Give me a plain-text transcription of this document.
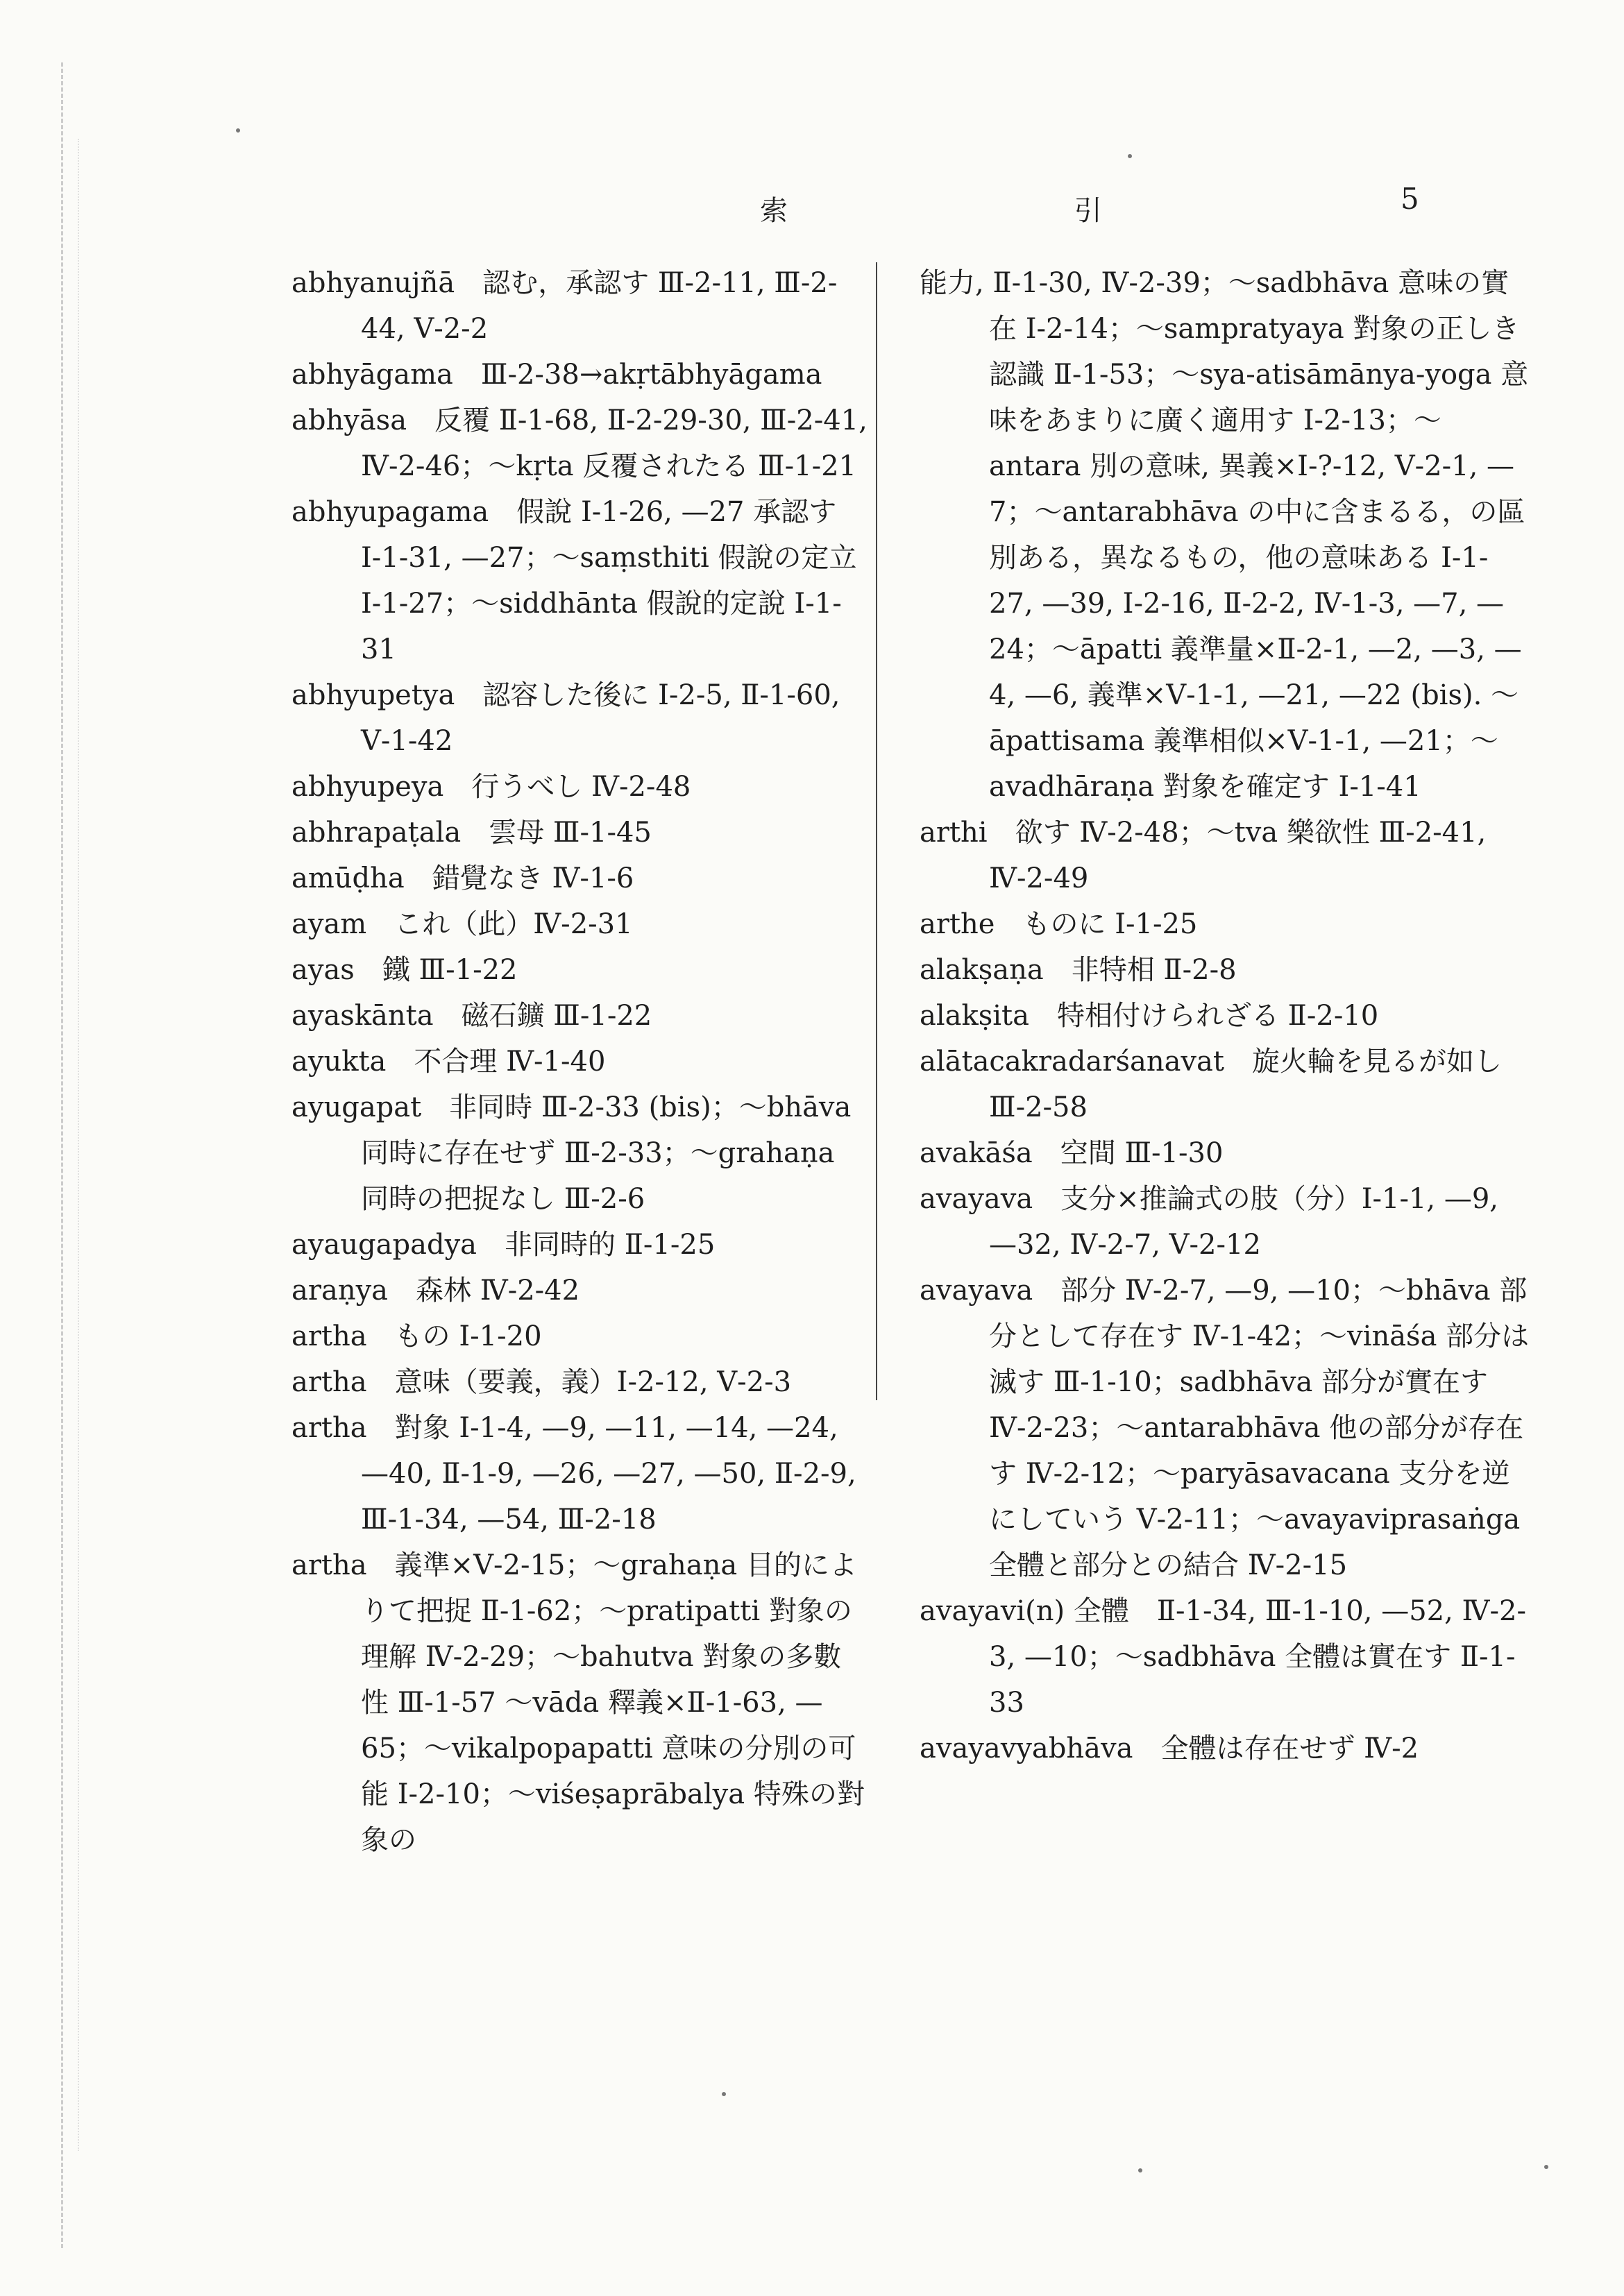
索 引	5

abhyanujñā　認む，承認す Ⅲ-2-11, Ⅲ-2-44, Ⅴ-2-2

abhyāgama　Ⅲ-2-38→akṛtābhyāgama

abhyāsa　反覆 Ⅱ-1-68, Ⅱ-2-29-30, Ⅲ-2-41, Ⅳ-2-46；～kṛta 反覆されたる Ⅲ-1-21

abhyupagama　假說 Ⅰ-1-26, —27 承認す Ⅰ-1-31, —27；～saṃsthiti 假說の定立 Ⅰ-1-27；～siddhānta 假說的定說 Ⅰ-1-31

abhyupetya　認容した後に Ⅰ-2-5, Ⅱ-1-60, Ⅴ-1-42

abhyupeya　行うべし Ⅳ-2-48

abhrapaṭala　雲母 Ⅲ-1-45

amūḍha　錯覺なき Ⅳ-1-6

ayam　これ（此）Ⅳ-2-31

ayas　鐵 Ⅲ-1-22

ayaskānta　磁石鑛 Ⅲ-1-22

ayukta　不合理 Ⅳ-1-40

ayugapat　非同時 Ⅲ-2-33 (bis)；～bhāva 同時に存在せず Ⅲ-2-33；～grahaṇa 同時の把捉なし Ⅲ-2-6

ayaugapadya　非同時的 Ⅱ-1-25

araṇya　森林 Ⅳ-2-42

artha　もの Ⅰ-1-20

artha　意味（要義，義）Ⅰ-2-12, Ⅴ-2-3

artha　對象 Ⅰ-1-4, —9, —11, —14, —24, —40, Ⅱ-1-9, —26, —27, —50, Ⅱ-2-9, Ⅲ-1-34, —54, Ⅲ-2-18

artha　義準×Ⅴ-2-15；～grahaṇa 目的によりて把捉 Ⅱ-1-62；～pratipatti 對象の理解 Ⅳ-2-29；～bahutva 對象の多數性 Ⅲ-1-57 ～vāda 釋義×Ⅱ-1-63, —65；～vikalpopapatti 意味の分別の可能 Ⅰ-2-10；～viśeṣaprābalya 特殊の對象の

能力, Ⅱ-1-30, Ⅳ-2-39；～sadbhāva 意味の實在 Ⅰ-2-14；～sampratyaya 對象の正しき認識 Ⅱ-1-53；～sya-atisāmānya-yoga 意味をあまりに廣く適用す Ⅰ-2-13；～antara 別の意味, 異義×Ⅰ-?-12, Ⅴ-2-1, —7；～antarabhāva の中に含まるる，の區別ある，異なるもの，他の意味ある Ⅰ-1-27, —39, Ⅰ-2-16, Ⅱ-2-2, Ⅳ-1-3, —7, —24；～āpatti 義準量×Ⅱ-2-1, —2, —3, —4, —6, 義準×Ⅴ-1-1, —21, —22 (bis). ～āpattisama 義準相似×Ⅴ-1-1, —21；～avadhāraṇa 對象を確定す Ⅰ-1-41

arthi　欲す Ⅳ-2-48；～tva 樂欲性 Ⅲ-2-41, Ⅳ-2-49

arthe　ものに Ⅰ-1-25

alakṣaṇa　非特相 Ⅱ-2-8

alakṣita　特相付けられざる Ⅱ-2-10

alātacakradarśanavat　旋火輪を見るが如し Ⅲ-2-58

avakāśa　空間 Ⅲ-1-30

avayava　支分×推論式の肢（分）Ⅰ-1-1, —9, —32, Ⅳ-2-7, Ⅴ-2-12

avayava　部分 Ⅳ-2-7, —9, —10；～bhāva 部分として存在す Ⅳ-1-42；～vināśa 部分は滅す Ⅲ-1-10；sadbhāva 部分が實在す Ⅳ-2-23；～antarabhāva 他の部分が存在す Ⅳ-2-12；～paryāsavacana 支分を逆にしていう Ⅴ-2-11；～avayaviprasaṅga 全體と部分との結合 Ⅳ-2-15

avayavi(n) 全體　Ⅱ-1-34, Ⅲ-1-10, —52, Ⅳ-2-3, —10；～sadbhāva 全體は實在す Ⅱ-1-33

avayavyabhāva　全體は存在せず Ⅳ-2
